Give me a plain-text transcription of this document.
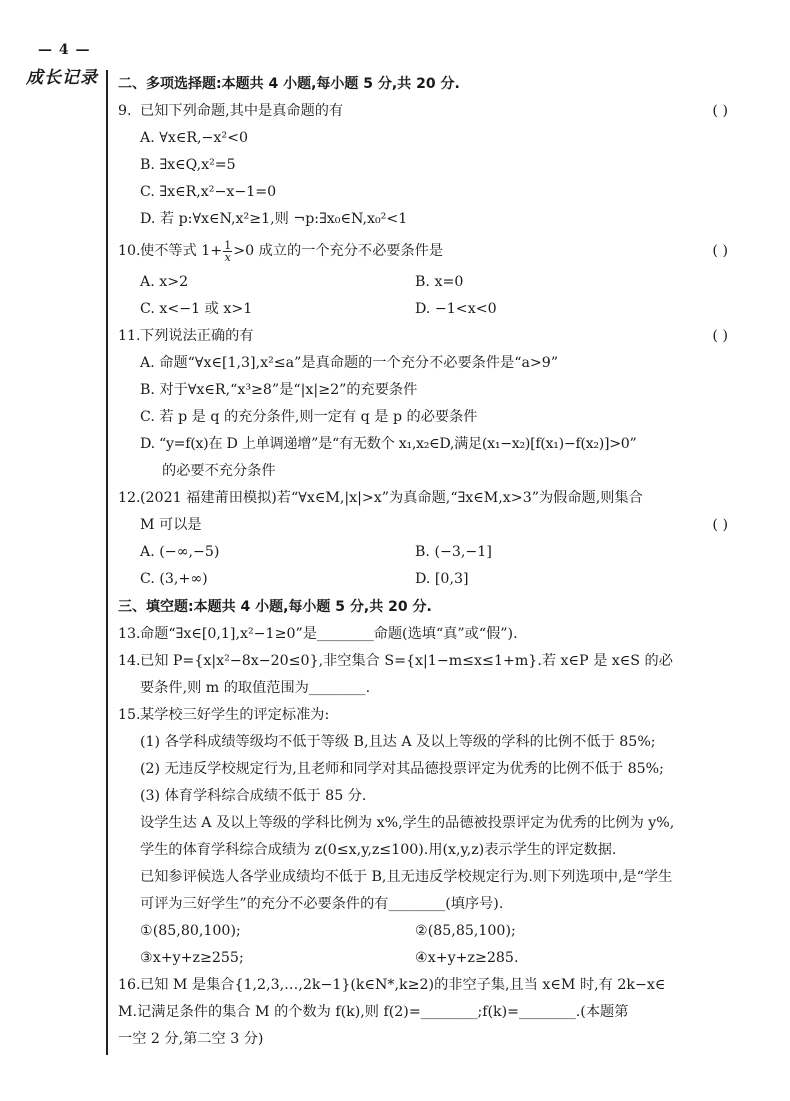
— 4 —
成长记录 二、多项选择题:本题共 4 小题,每小题 5 分,共 20 分.
9. 已知下列命题,其中是真命题的有	( )
A. ∀x∈R,−x²<0
B. ∃x∈Q,x²=5
C. ∃x∈R,x²−x−1=0
D. 若 p:∀x∈N,x²≥1,则 ¬p:∃x₀∈N,x₀²<1
10.使不等式 $1+ \frac{1}{x} >0$ 成立的一个充分不必要条件是	( )
A. x>2	B. x=0
C. x<−1 或 x>1	D. −1<x<0
11.下列说法正确的有	( )
A. 命题“∀x∈[1,3],x²≤a”是真命题的一个充分不必要条件是“a>9”
B. 对于∀x∈R,“x³≥8”是“|x|≥2”的充要条件
C. 若 p 是 q 的充分条件,则一定有 q 是 p 的必要条件
D. “y=f(x)在 D 上单调递增”是“有无数个 x₁,x₂∈D,满足(x₁−x₂)[f(x₁)−f(x₂)]>0”
的必要不充分条件
12.(2021 福建莆田模拟)若“∀x∈M,|x|>x”为真命题,“∃x∈M,x>3”为假命题,则集合
M 可以是	( )
A. (−∞,−5)	B. (−3,−1]
C. (3,+∞)	D. [0,3]
三、填空题:本题共 4 小题,每小题 5 分,共 20 分.
13.命题“∃x∈[0,1],x²−1≥0”是________命题(选填“真”或“假”).
14.已知 P={x|x²−8x−20≤0},非空集合 S={x|1−m≤x≤1+m}.若 x∈P 是 x∈S 的必
要条件,则 m 的取值范围为________.
15.某学校三好学生的评定标准为:
(1) 各学科成绩等级均不低于等级 B,且达 A 及以上等级的学科的比例不低于 85%;
(2) 无违反学校规定行为,且老师和同学对其品德投票评定为优秀的比例不低于 85%;
(3) 体育学科综合成绩不低于 85 分.
设学生达 A 及以上等级的学科比例为 x%,学生的品德被投票评定为优秀的比例为 y%,
学生的体育学科综合成绩为 z(0≤x,y,z≤100).用(x,y,z)表示学生的评定数据.
已知参评候选人各学业成绩均不低于 B,且无违反学校规定行为.则下列选项中,是“学生
可评为三好学生”的充分不必要条件的有________(填序号).
①(85,80,100);	②(85,85,100);
③x+y+z≥255;	④x+y+z≥285.
16.已知 M 是集合{1,2,3,…,2k−1}(k∈N*,k≥2)的非空子集,且当 x∈M 时,有 2k−x∈
M.记满足条件的集合 M 的个数为 f(k),则 f(2)=________;f(k)=________.(本题第
一空 2 分,第二空 3 分)
